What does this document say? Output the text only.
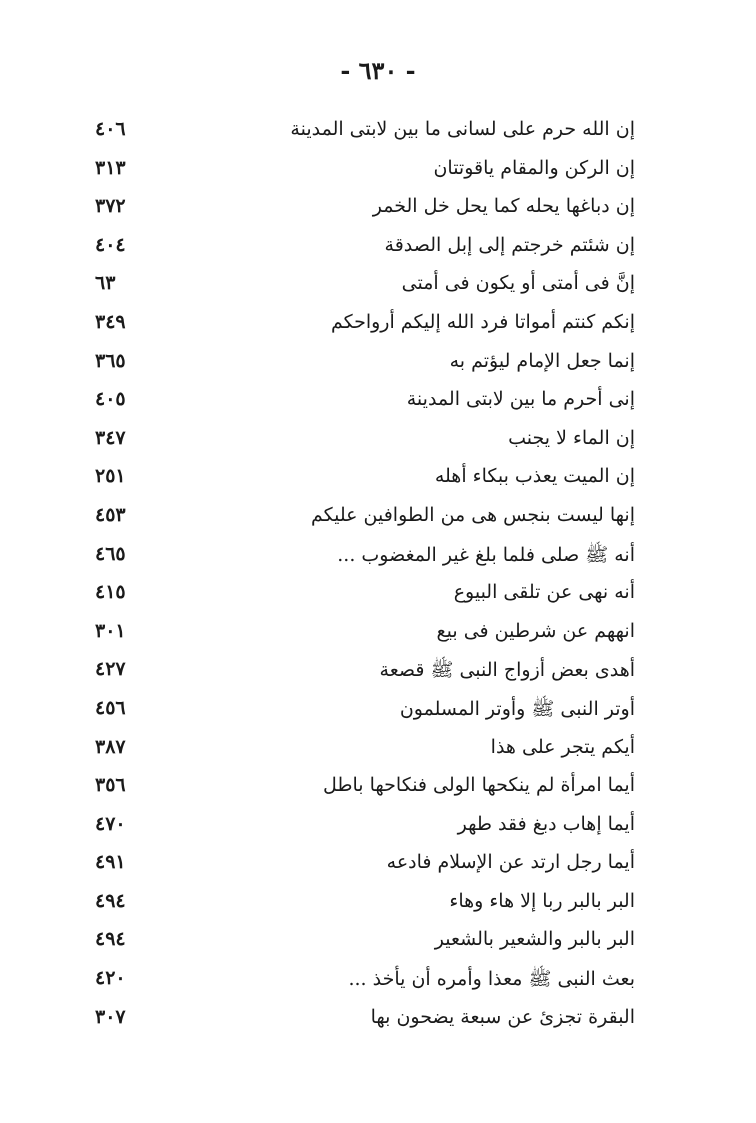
- ٦٣٠ -
إن الله حرم على لسانى ما بين لابتى المدينة
٤٠٦
إن الركن والمقام ياقوتتان
٣١٣
إن دباغها يحله كما يحل خل الخمر
٣٧٢
إن شئتم خرجتم إلى إبل الصدقة
٤٠٤
إنَّ فى أمتى أو يكون فى أمتى
٦٣
إنكم كنتم أمواتا فرد الله إليكم أرواحكم
٣٤٩
إنما جعل الإمام ليؤتم به
٣٦٥
إنى أحرم ما بين لابتى المدينة
٤٠٥
إن الماء لا يجنب
٣٤٧
إن الميت يعذب ببكاء أهله
٢٥١
إنها ليست بنجس هى من الطوافين عليكم
٤٥٣
أنه ﷺ صلى فلما بلغ غير المغضوب ...
٤٦٥
أنه نهى عن تلقى البيوع
٤١٥
انههم عن شرطين فى بيع
٣٠١
أهدى بعض أزواج النبى ﷺ قصعة
٤٢٧
أوتر النبى ﷺ وأوتر المسلمون
٤٥٦
أيكم يتجر على هذا
٣٨٧
أيما امرأة لم ينكحها الولى فنكاحها باطل
٣٥٦
أيما إهاب دبغ فقد طهر
٤٧٠
أيما رجل ارتد عن الإسلام فادعه
٤٩١
البر بالبر ربا إلا هاء وهاء
٤٩٤
البر بالبر والشعير بالشعير
٤٩٤
بعث النبى ﷺ معذا وأمره أن يأخذ ...
٤٢٠
البقرة تجزئ عن سبعة يضحون بها
٣٠٧
